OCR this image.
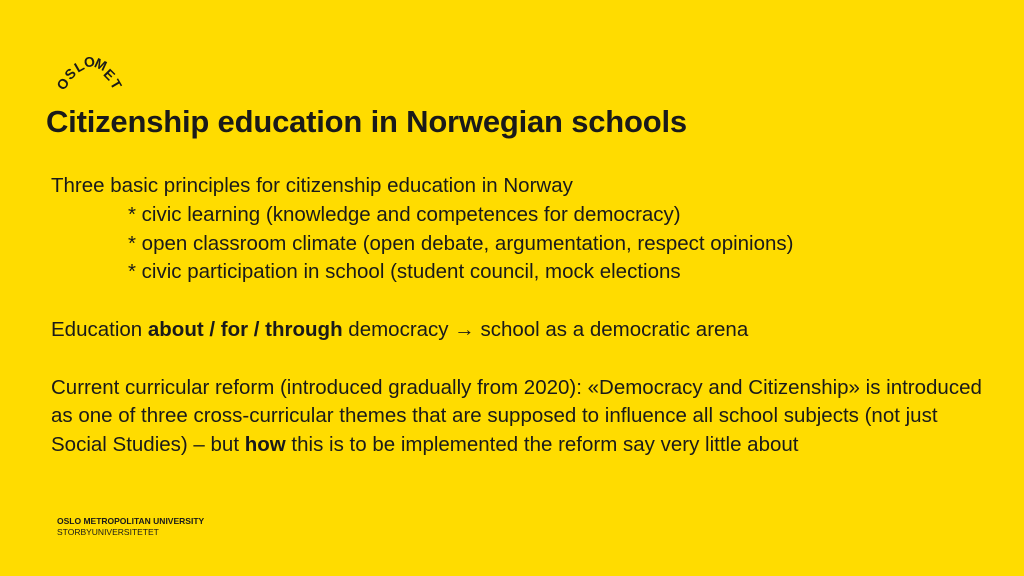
O
S
L
O
M
E
T
Citizenship education in Norwegian schools

Three basic principles for citizenship education in Norway

* civic learning (knowledge and competences for democracy)

* open classroom climate (open debate, argumentation, respect opinions)

* civic participation in school (student council, mock elections

Education about / for / through democracy → school as a democratic arena

Current curricular reform (introduced gradually from 2020): «Democracy and Citizenship» is introduced as one of three cross-curricular themes that are supposed to influence all school subjects (not just Social Studies) – but how this is to be implemented the reform say very little about

OSLO METROPOLITAN UNIVERSITY
STORBYUNIVERSITETET
